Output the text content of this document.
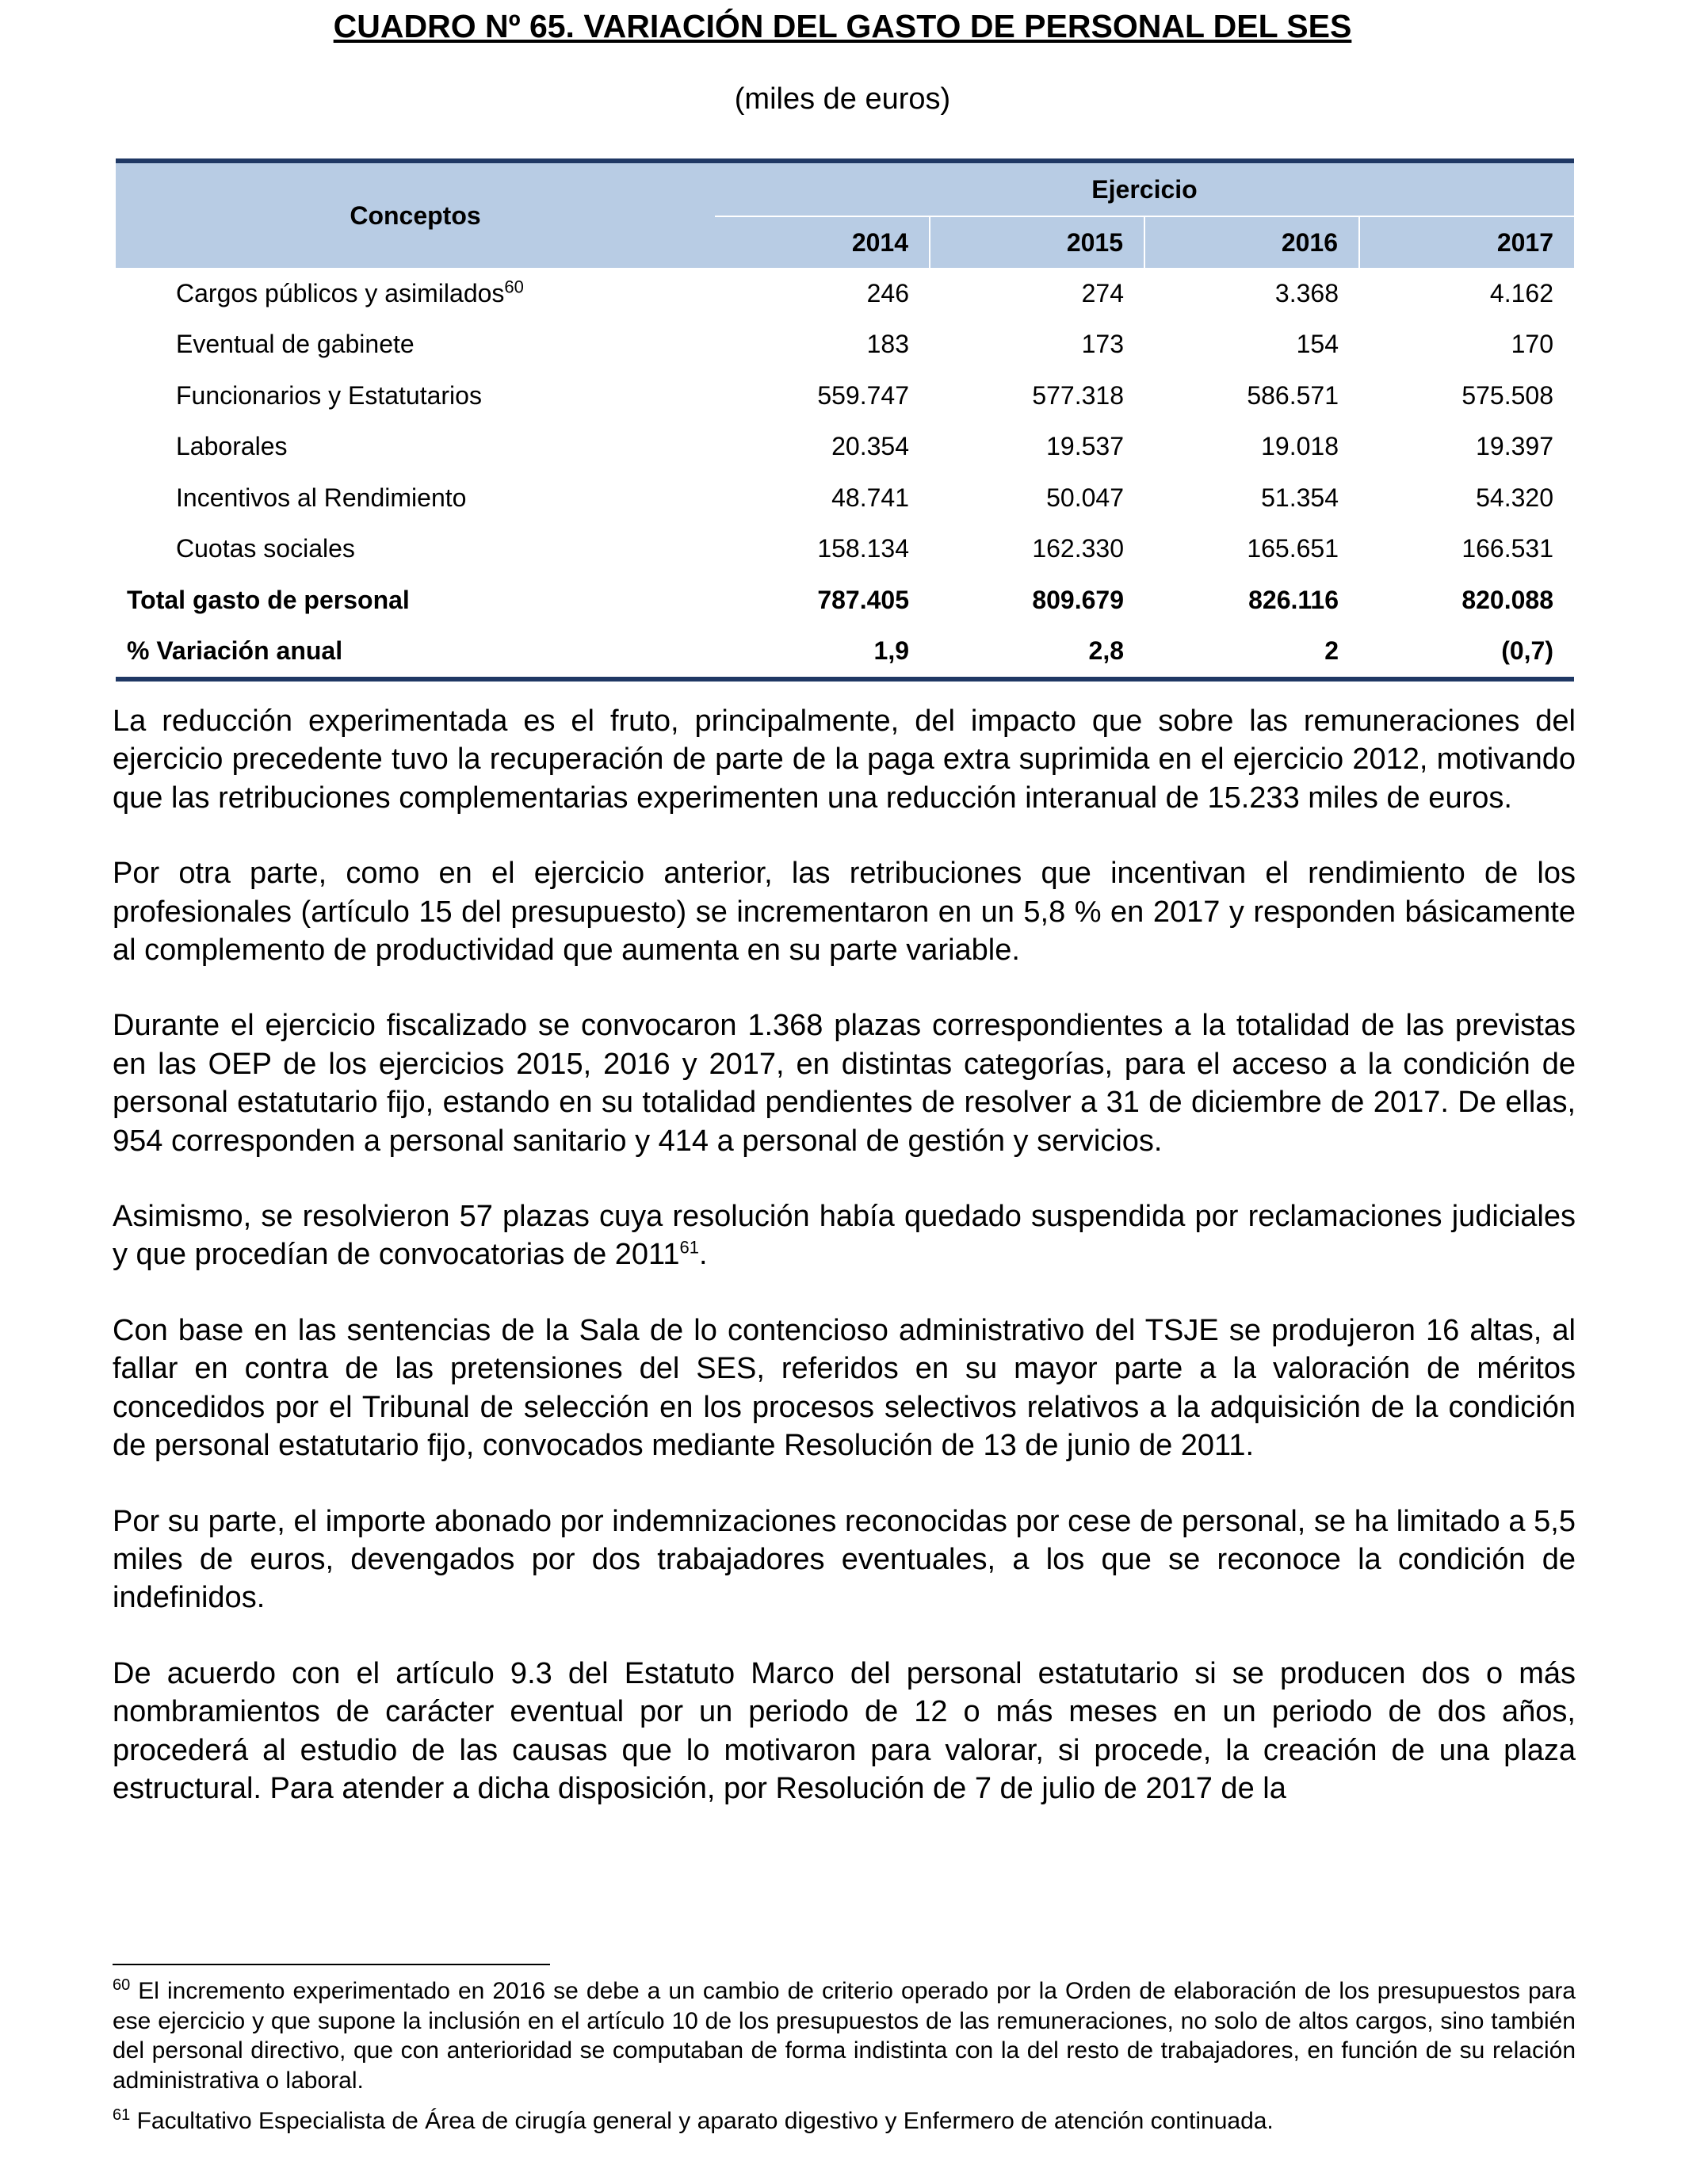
CUADRO Nº 65. VARIACIÓN DEL GASTO DE PERSONAL DEL SES
(miles de euros)
Conceptos	Ejercicio			
	2014	2015	2016	2017
Cargos públicos y asimilados$^{60}$	246	274	3.368	4.162
Eventual de gabinete	183	173	154	170
Funcionarios y Estatutarios	559.747	577.318	586.571	575.508
Laborales	20.354	19.537	19.018	19.397
Incentivos al Rendimiento	48.741	50.047	51.354	54.320
Cuotas sociales	158.134	162.330	165.651	166.531
Total gasto de personal	787.405	809.679	826.116	820.088
% Variación anual	1,9	2,8	2	(0,7)

La reducción experimentada es el fruto, principalmente, del impacto que sobre las remuneraciones del ejercicio precedente tuvo la recuperación de parte de la paga extra suprimida en el ejercicio 2012, motivando que las retribuciones complementarias experimenten una reducción interanual de 15.233 miles de euros.

Por otra parte, como en el ejercicio anterior, las retribuciones que incentivan el rendimiento de los profesionales (artículo 15 del presupuesto) se incrementaron en un 5,8 % en 2017 y responden básicamente al complemento de productividad que aumenta en su parte variable.

Durante el ejercicio fiscalizado se convocaron 1.368 plazas correspondientes a la totalidad de las previstas en las OEP de los ejercicios 2015, 2016 y 2017, en distintas categorías, para el acceso a la condición de personal estatutario fijo, estando en su totalidad pendientes de resolver a 31 de diciembre de 2017. De ellas, 954 corresponden a personal sanitario y 414 a personal de gestión y servicios.

Asimismo, se resolvieron 57 plazas cuya resolución había quedado suspendida por reclamaciones judiciales y que procedían de convocatorias de 2011$^{61}$.

Con base en las sentencias de la Sala de lo contencioso administrativo del TSJE se produjeron 16 altas, al fallar en contra de las pretensiones del SES, referidos en su mayor parte a la valoración de méritos concedidos por el Tribunal de selección en los procesos selectivos relativos a la adquisición de la condición de personal estatutario fijo, convocados mediante Resolución de 13 de junio de 2011.

Por su parte, el importe abonado por indemnizaciones reconocidas por cese de personal, se ha limitado a 5,5 miles de euros, devengados por dos trabajadores eventuales, a los que se reconoce la condición de indefinidos.

De acuerdo con el artículo 9.3 del Estatuto Marco del personal estatutario si se producen dos o más nombramientos de carácter eventual por un periodo de 12 o más meses en un periodo de dos años, procederá al estudio de las causas que lo motivaron para valorar, si procede, la creación de una plaza estructural. Para atender a dicha disposición, por Resolución de 7 de julio de 2017 de la

$^{60}$ El incremento experimentado en 2016 se debe a un cambio de criterio operado por la Orden de elaboración de los presupuestos para ese ejercicio y que supone la inclusión en el artículo 10 de los presupuestos de las remuneraciones, no solo de altos cargos, sino también del personal directivo, que con anterioridad se computaban de forma indistinta con la del resto de trabajadores, en función de su relación administrativa o laboral.

$^{61}$ Facultativo Especialista de Área de cirugía general y aparato digestivo y Enfermero de atención continuada.
